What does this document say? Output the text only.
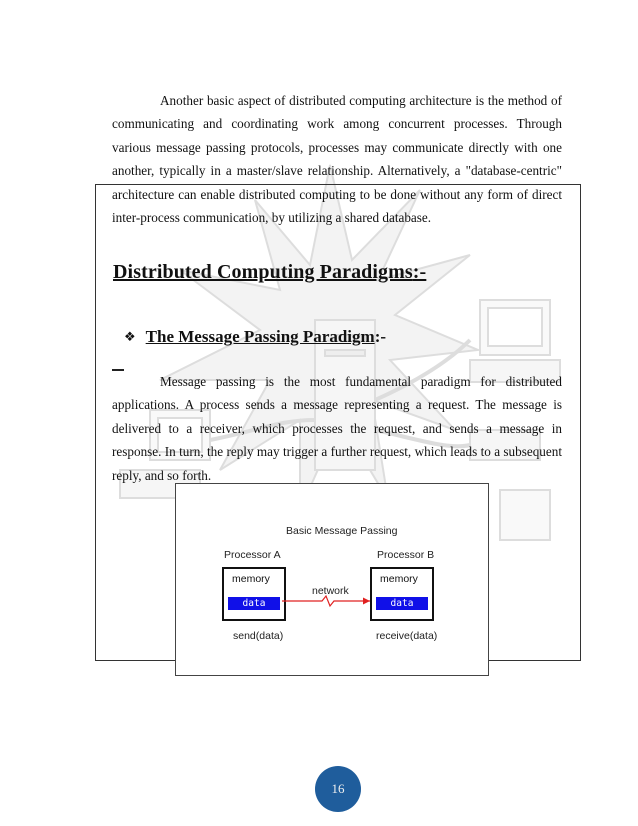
Another basic aspect of distributed computing architecture is the method of communicating and coordinating work among concurrent processes. Through various message passing protocols, processes may communicate directly with one another, typically in a master/slave relationship. Alternatively, a "database-centric" architecture can enable distributed computing to be done without any form of direct inter-process communication, by utilizing a shared database.

Distributed Computing Paradigms:-
❖ The Message Passing Paradigm:-

Message passing is the most fundamental paradigm for distributed applications. A process sends a message representing a request. The message is delivered to a receiver, which processes the request, and sends a message in response. In turn, the reply may trigger a further request, which leads to a subsequent reply, and so forth.

Basic Message Passing
Processor A	Processor B
memory
data
memory
data
network
send(data)	receive(data)
16
